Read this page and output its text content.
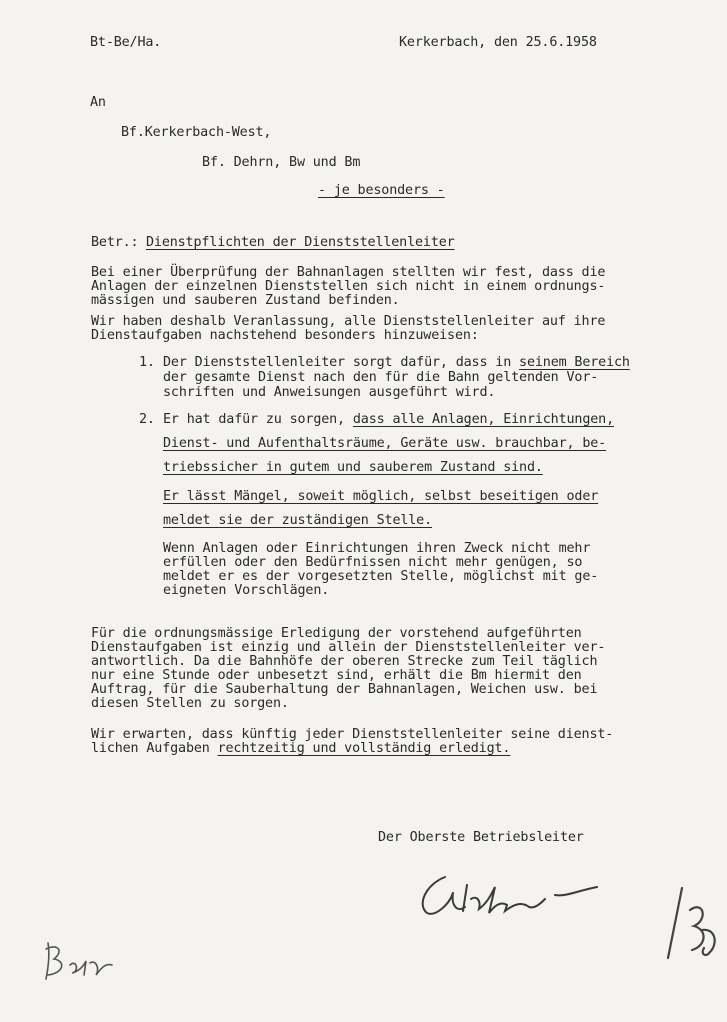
Bt-Be/Ha.	Kerkerbach, den 25.6.1958
An
Bf.Kerkerbach-West,
Bf. Dehrn, Bw und Bm
- je besonders -
Betr.: Dienstpflichten der Dienststellenleiter
Bei einer Überprüfung der Bahnanlagen stellten wir fest, dass die
Anlagen der einzelnen Dienststellen sich nicht in einem ordnungs-
mässigen und sauberen Zustand befinden.
Wir haben deshalb Veranlassung, alle Dienststellenleiter auf ihre
Dienstaufgaben nachstehend besonders hinzuweisen:
1. Der Dienststellenleiter sorgt dafür, dass in seinem Bereich
der gesamte Dienst nach den für die Bahn geltenden Vor-
schriften und Anweisungen ausgeführt wird.
2. Er hat dafür zu sorgen, dass alle Anlagen, Einrichtungen,
Dienst- und Aufenthaltsräume, Geräte usw. brauchbar, be-
triebssicher in gutem und sauberem Zustand sind.
Er lässt Mängel, soweit möglich, selbst beseitigen oder
meldet sie der zuständigen Stelle.
Wenn Anlagen oder Einrichtungen ihren Zweck nicht mehr
erfüllen oder den Bedürfnissen nicht mehr genügen, so
meldet er es der vorgesetzten Stelle, möglichst mit ge-
eigneten Vorschlägen.
Für die ordnungsmässige Erledigung der vorstehend aufgeführten
Dienstaufgaben ist einzig und allein der Dienststellenleiter ver-
antwortlich. Da die Bahnhöfe der oberen Strecke zum Teil täglich
nur eine Stunde oder unbesetzt sind, erhält die Bm hiermit den
Auftrag, für die Sauberhaltung der Bahnanlagen, Weichen usw. bei
diesen Stellen zu sorgen.
Wir erwarten, dass künftig jeder Dienststellenleiter seine dienst-
lichen Aufgaben rechtzeitig und vollständig erledigt.
Der Oberste Betriebsleiter
